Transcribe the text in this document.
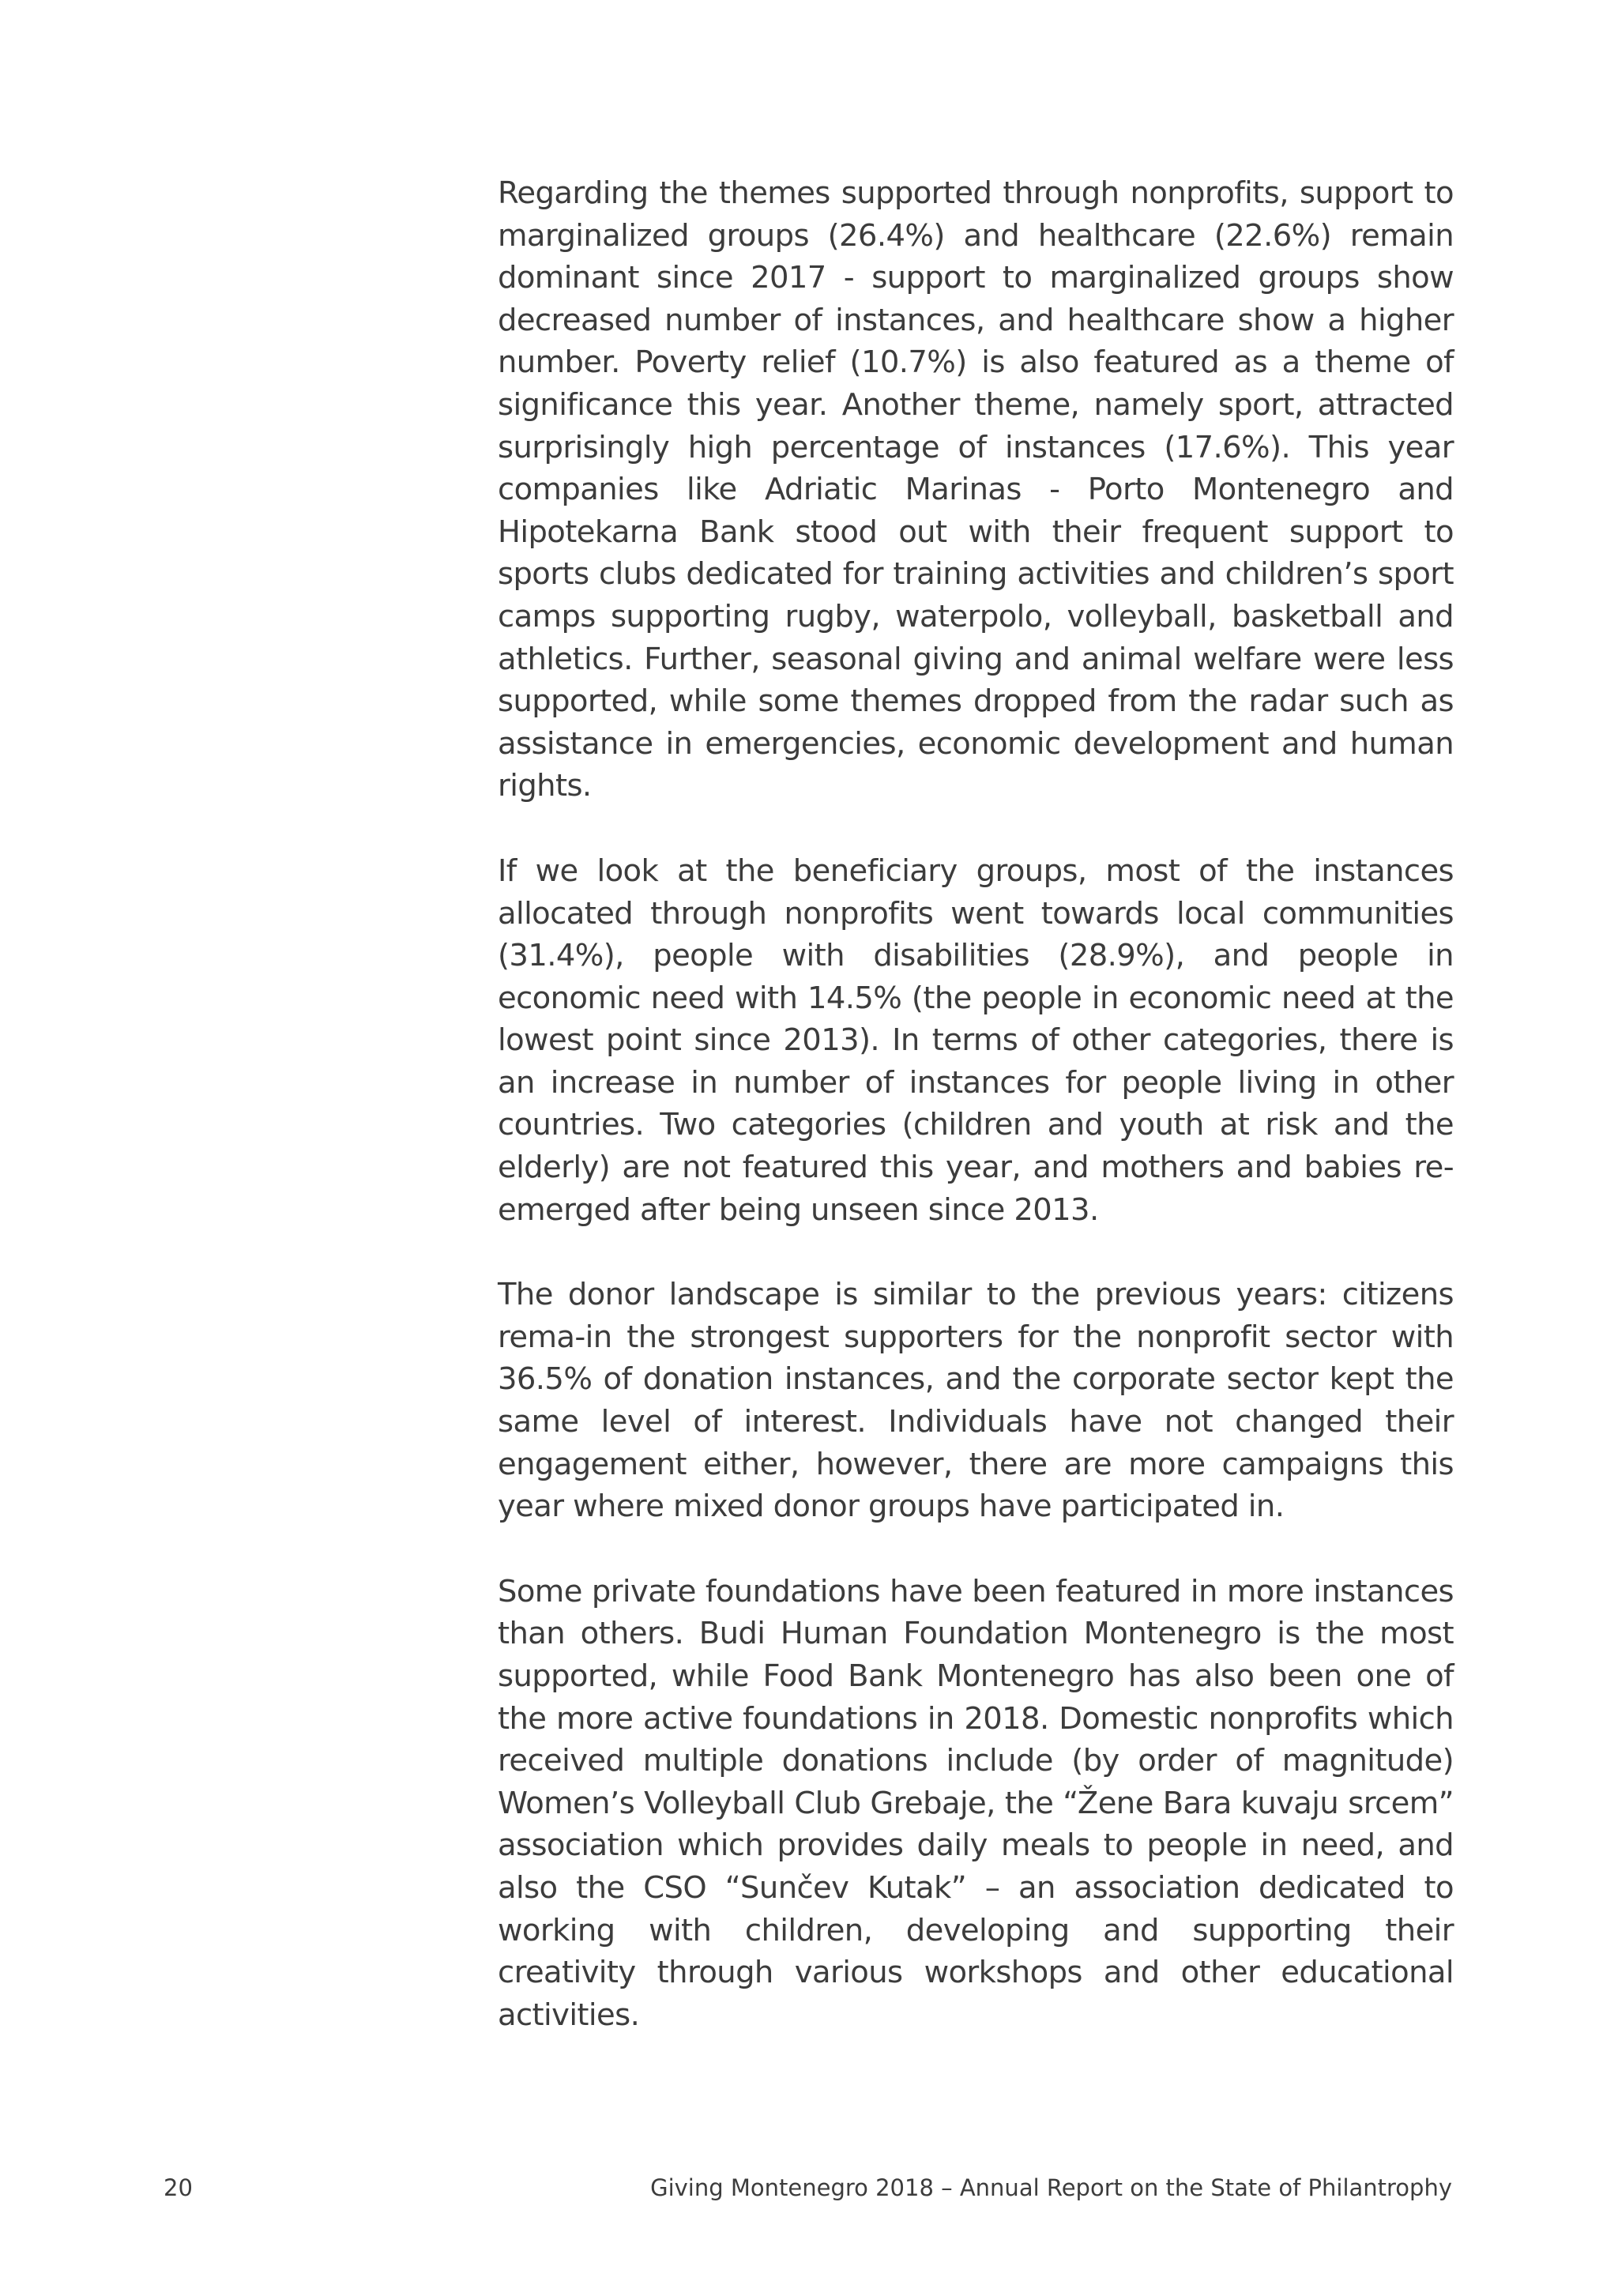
Regarding the themes supported through nonprofits, support to marginalized groups (26.4%) and healthcare (22.6%) remain dominant since 2017 - support to marginalized groups show decreased number of instances, and healthcare show a higher number. Poverty relief (10.7%) is also featured as a theme of significance this year. Another theme, namely sport, attracted surprisingly high percentage of instances (17.6%). This year companies like Adriatic Marinas - Porto Montenegro and Hipotekarna Bank stood out with their frequent support to sports clubs dedicated for training activities and children’s sport camps supporting rugby, waterpolo, volleyball, basketball and athletics. Further, seasonal giving and animal welfare were less supported, while some themes dropped from the radar such as assistance in emergencies, economic development and human rights.

If we look at the beneficiary groups, most of the instances allocated through nonprofits went towards local communities (31.4%), people with disabilities (28.9%), and people in economic need with 14.5% (the people in economic need at the lowest point since 2013). In terms of other categories, there is an increase in number of instances for people living in other countries. Two categories (children and youth at risk and the elderly) are not featured this year, and mothers and babies re-emerged after being unseen since 2013.

The donor landscape is similar to the previous years: citizens rema-in the strongest supporters for the nonprofit sector with 36.5% of donation instances, and the corporate sector kept the same level of interest. Individuals have not changed their engagement either, however, there are more campaigns this year where mixed donor groups have participated in.

Some private foundations have been featured in more instances than others. Budi Human Foundation Montenegro is the most supported, while Food Bank Montenegro has also been one of the more active foundations in 2018. Domestic nonprofits which received multiple donations include (by order of magnitude) Women’s Volleyball Club Grebaje, the “Žene Bara kuvaju srcem” association which provides daily meals to people in need, and also the CSO “Sunčev Kutak” – an association dedicated to working with children, developing and supporting their creativity through various workshops and other educational activities.

20	Giving Montenegro 2018 – Annual Report on the State of Philantrophy
